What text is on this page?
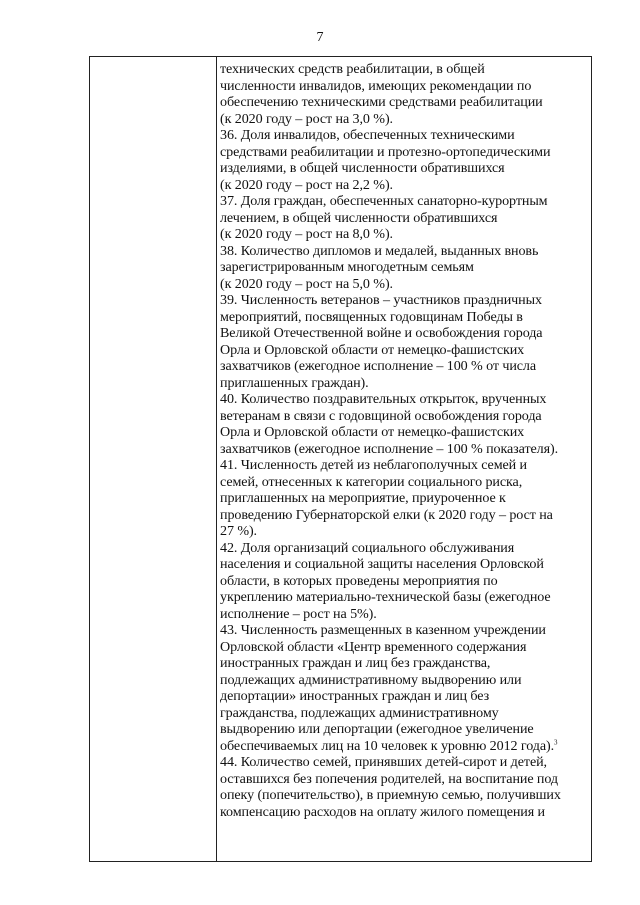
7

технических средств реабилитации, в общей
численности инвалидов, имеющих рекомендации по
обеспечению техническими средствами реабилитации
(к 2020 году – рост на 3,0 %).

36. Доля инвалидов, обеспеченных техническими
средствами реабилитации и протезно-ортопедическими
изделиями, в общей численности обратившихся
(к 2020 году – рост на 2,2 %).

37. Доля граждан, обеспеченных санаторно-курортным
лечением, в общей численности обратившихся
(к 2020 году – рост на 8,0 %).

38. Количество дипломов и медалей, выданных вновь
зарегистрированным многодетным семьям
(к 2020 году – рост на 5,0 %).

39. Численность ветеранов – участников праздничных
мероприятий, посвященных годовщинам Победы в
Великой Отечественной войне и освобождения города
Орла и Орловской области от немецко-фашистских
захватчиков (ежегодное исполнение – 100 % от числа
приглашенных граждан).

40. Количество поздравительных открыток, врученных
ветеранам в связи с годовщиной освобождения города
Орла и Орловской области от немецко-фашистских
захватчиков (ежегодное исполнение – 100 % показателя).

41. Численность детей из неблагополучных семей и
семей, отнесенных к категории социального риска,
приглашенных на мероприятие, приуроченное к
проведению Губернаторской елки (к 2020 году – рост на
27 %).

42. Доля организаций социального обслуживания
населения и социальной защиты населения Орловской
области, в которых проведены мероприятия по
укреплению материально-технической базы (ежегодное
исполнение – рост на 5%).

43. Численность размещенных в казенном учреждении
Орловской области «Центр временного содержания
иностранных граждан и лиц без гражданства,
подлежащих административному выдворению или
депортации» иностранных граждан и лиц без
гражданства, подлежащих административному
выдворению или депортации (ежегодное увеличение
обеспечиваемых лиц на 10 человек к уровню 2012 года).$^3$

44. Количество семей, принявших детей-сирот и детей,
оставшихся без попечения родителей, на воспитание под
опеку (попечительство), в приемную семью, получивших
компенсацию расходов на оплату жилого помещения и
